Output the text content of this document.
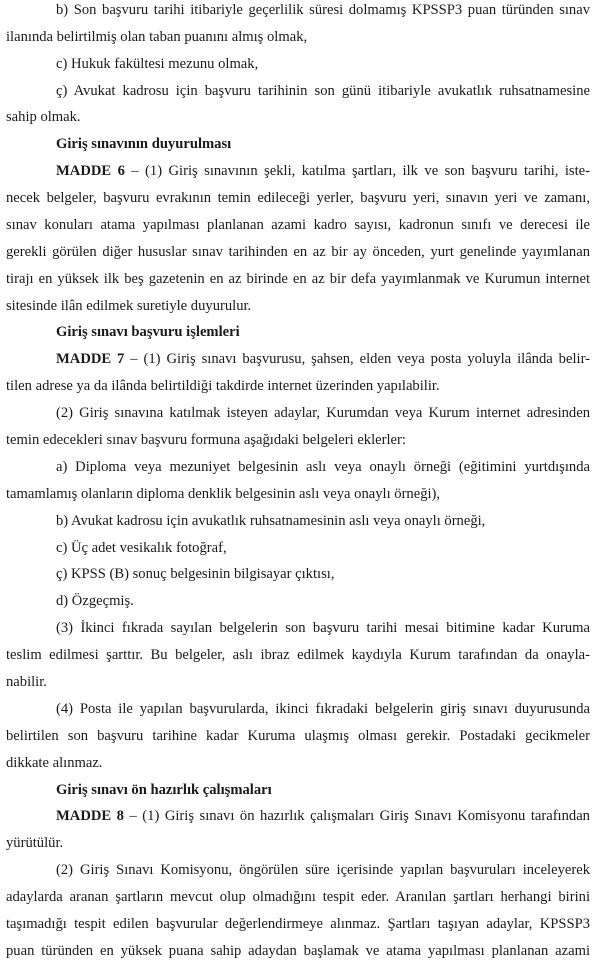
b) Son başvuru tarihi itibariyle geçerlilik süresi dolmamış KPSSP3 puan türünden sınav
ilanında belirtilmiş olan taban puanını almış olmak,
c) Hukuk fakültesi mezunu olmak,
ç) Avukat kadrosu için başvuru tarihinin son günü itibariyle avukatlık ruhsatnamesine
sahip olmak.
Giriş sınavının duyurulması
MADDE 6 – (1) Giriş sınavının şekli, katılma şartları, ilk ve son başvuru tarihi, iste-
necek belgeler, başvuru evrakının temin edileceği yerler, başvuru yeri, sınavın yeri ve zamanı,
sınav konuları atama yapılması planlanan azami kadro sayısı, kadronun sınıfı ve derecesi ile
gerekli görülen diğer hususlar sınav tarihinden en az bir ay önceden, yurt genelinde yayımlanan
tirajı en yüksek ilk beş gazetenin en az birinde en az bir defa yayımlanmak ve Kurumun internet
sitesinde ilân edilmek suretiyle duyurulur.
Giriş sınavı başvuru işlemleri
MADDE 7 – (1) Giriş sınavı başvurusu, şahsen, elden veya posta yoluyla ilânda belir-
tilen adrese ya da ilânda belirtildiği takdirde internet üzerinden yapılabilir.
(2) Giriş sınavına katılmak isteyen adaylar, Kurumdan veya Kurum internet adresinden
temin edecekleri sınav başvuru formuna aşağıdaki belgeleri eklerler:
a) Diploma veya mezuniyet belgesinin aslı veya onaylı örneği (eğitimini yurtdışında
tamamlamış olanların diploma denklik belgesinin aslı veya onaylı örneği),
b) Avukat kadrosu için avukatlık ruhsatnamesinin aslı veya onaylı örneği,
c) Üç adet vesikalık fotoğraf,
ç) KPSS (B) sonuç belgesinin bilgisayar çıktısı,
d) Özgeçmiş.
(3) İkinci fıkrada sayılan belgelerin son başvuru tarihi mesai bitimine kadar Kuruma
teslim edilmesi şarttır. Bu belgeler, aslı ibraz edilmek kaydıyla Kurum tarafından da onayla-
nabilir.
(4) Posta ile yapılan başvurularda, ikinci fıkradaki belgelerin giriş sınavı duyurusunda
belirtilen son başvuru tarihine kadar Kuruma ulaşmış olması gerekir. Postadaki gecikmeler
dikkate alınmaz.
Giriş sınavı ön hazırlık çalışmaları
MADDE 8 – (1) Giriş sınavı ön hazırlık çalışmaları Giriş Sınavı Komisyonu tarafından
yürütülür.
(2) Giriş Sınavı Komisyonu, öngörülen süre içerisinde yapılan başvuruları inceleyerek
adaylarda aranan şartların mevcut olup olmadığını tespit eder. Aranılan şartları herhangi birini
taşımadığı tespit edilen başvurular değerlendirmeye alınmaz. Şartları taşıyan adaylar, KPSSP3
puan türünden en yüksek puana sahip adaydan başlamak ve atama yapılması planlanan azami
